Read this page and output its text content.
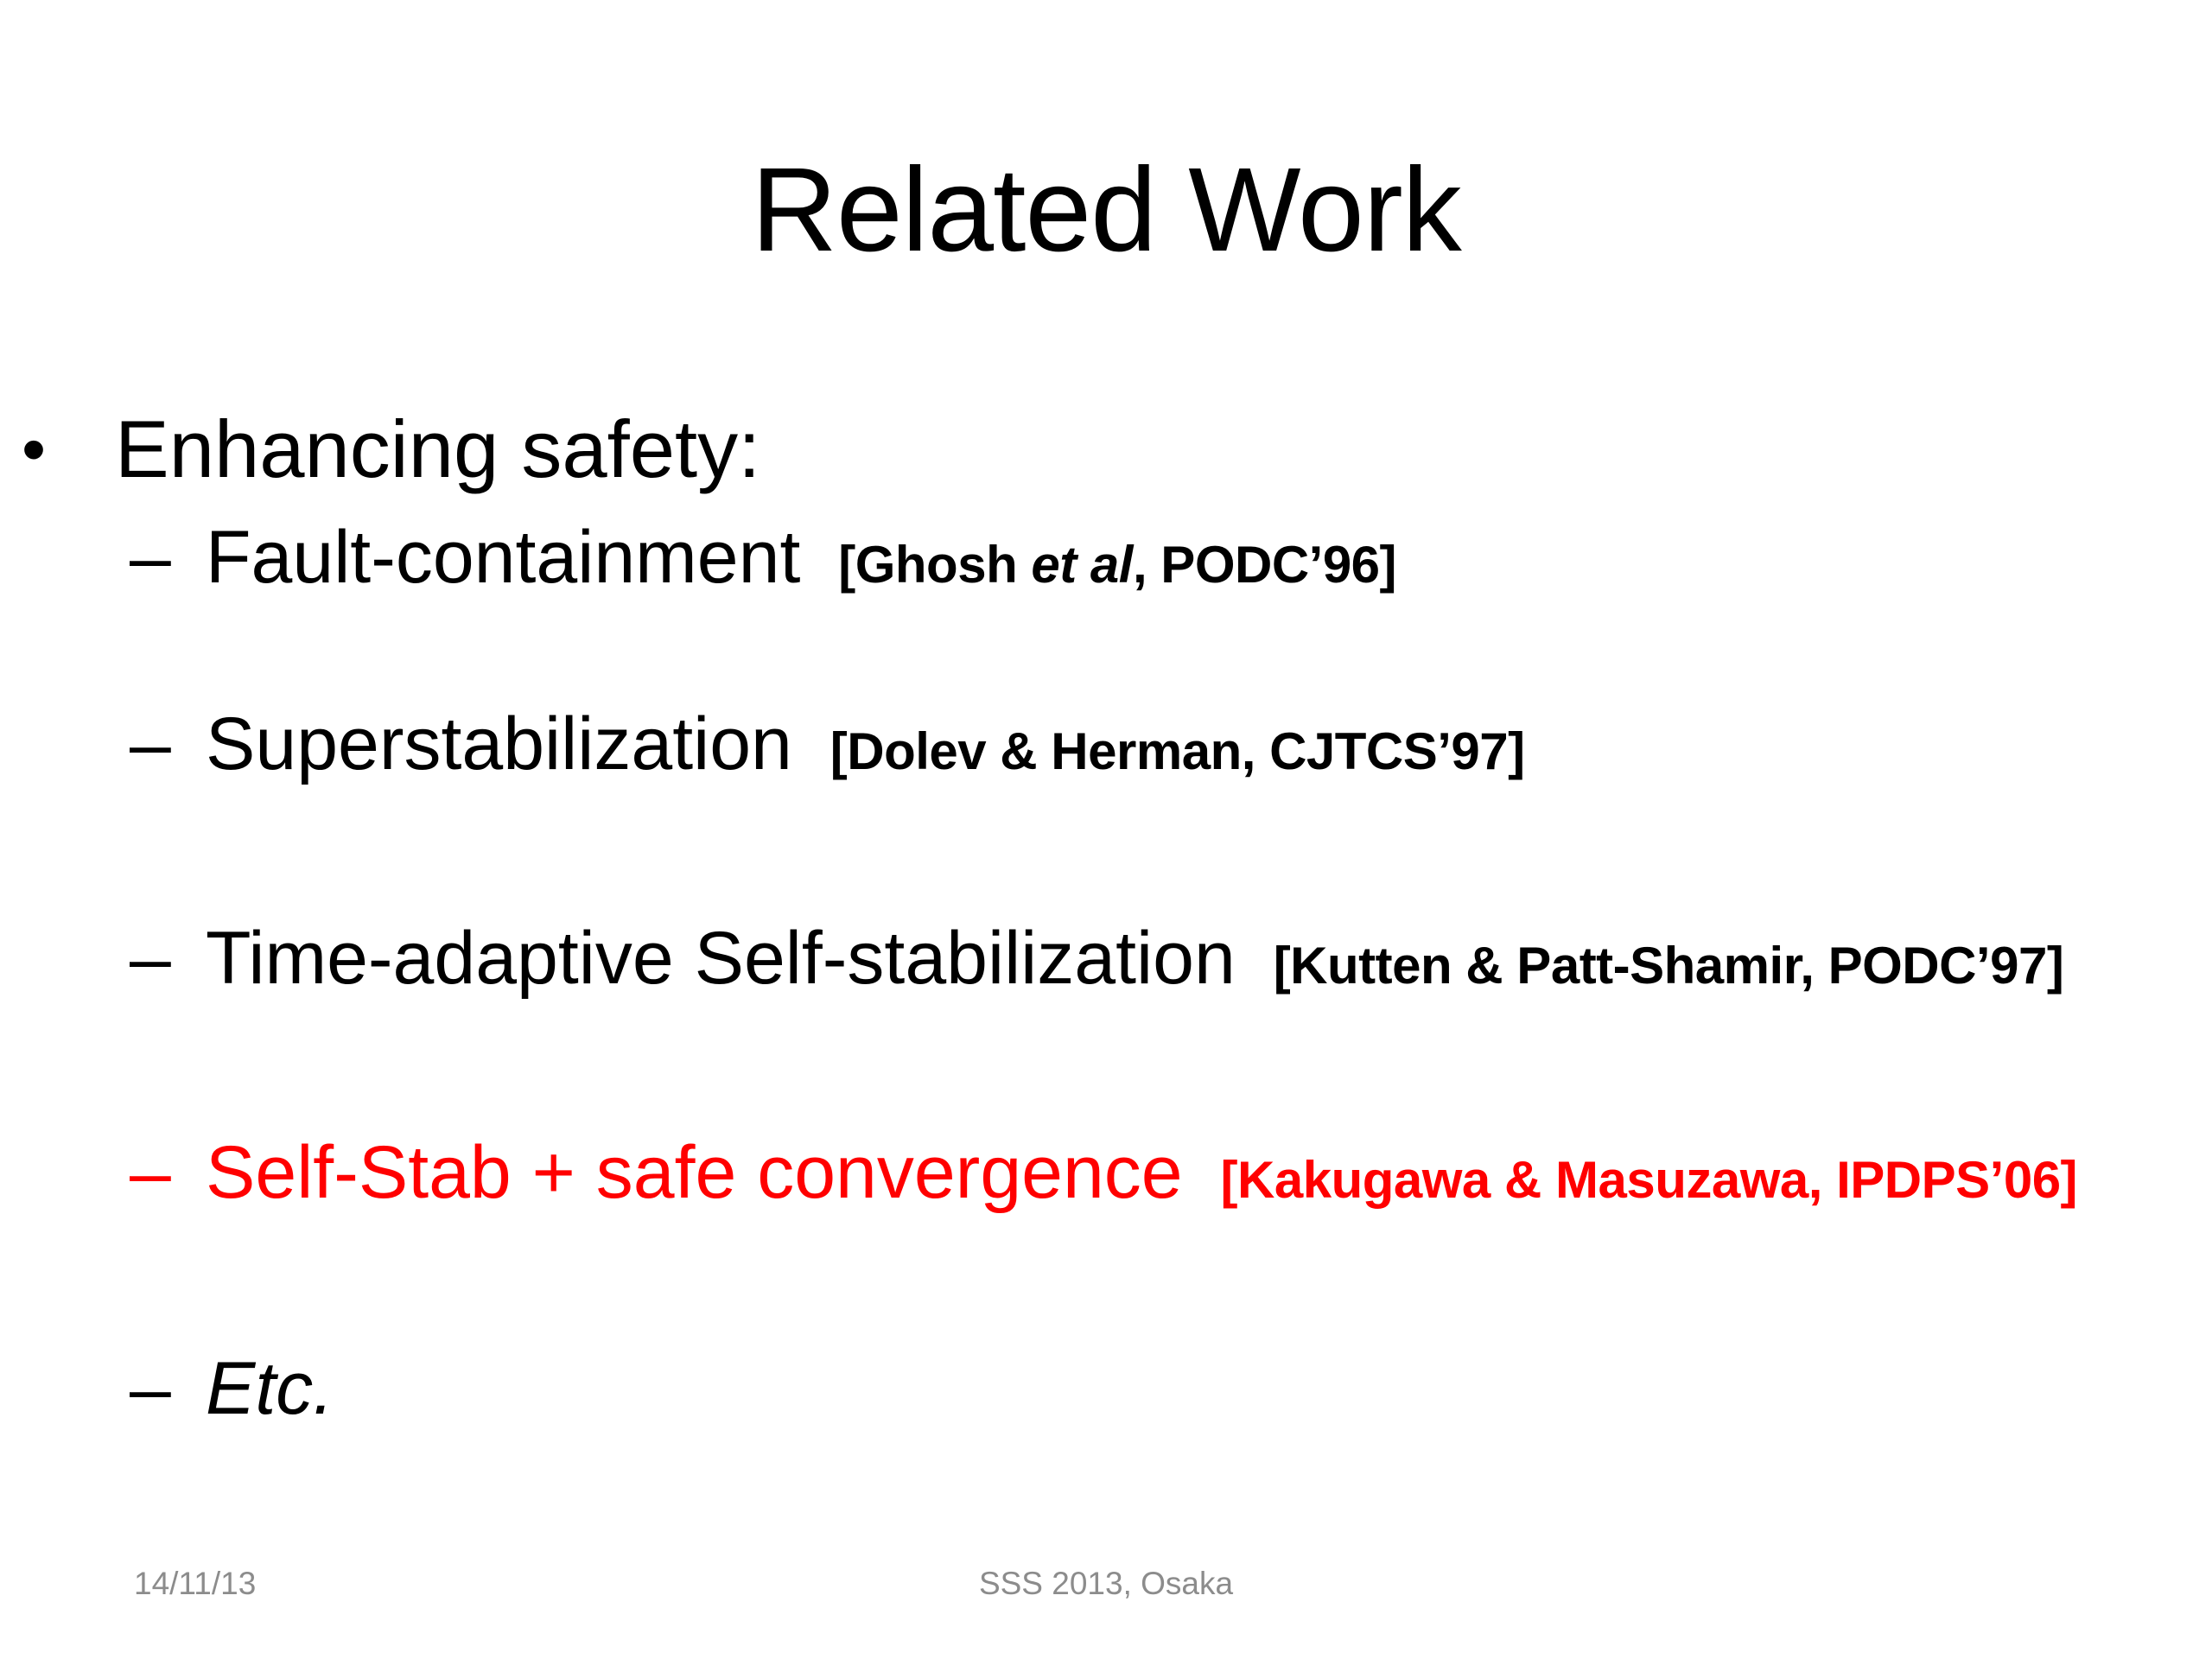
Related Work
• Enhancing safety:
– Fault-containment [Ghosh et al, PODC’96]
– Superstabilization [Dolev & Herman, CJTCS’97]
– Time-adaptive Self-stabilization [Kutten & Patt-Shamir, PODC’97]
– Self-Stab + safe convergence [Kakugawa & Masuzawa, IPDPS’06]
– Etc.
14/11/13	SSS 2013, Osaka
